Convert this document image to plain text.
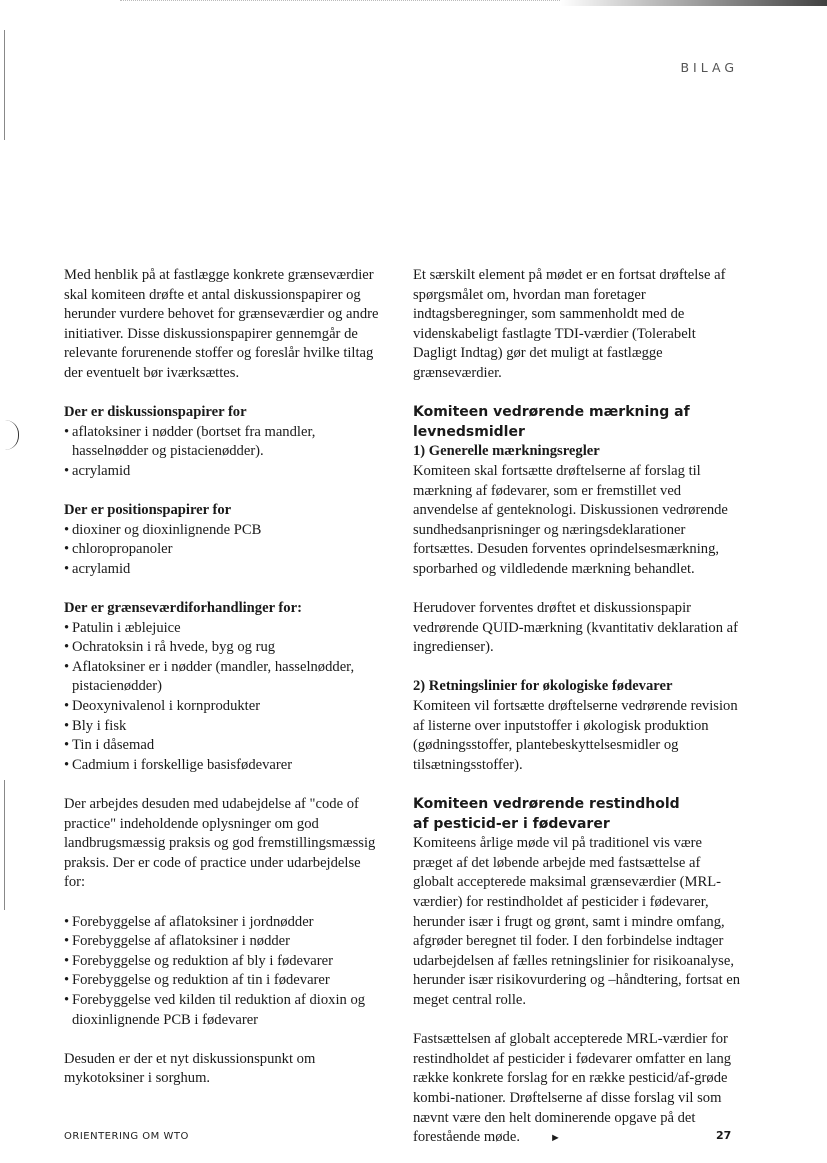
BILAG

Med henblik på at fastlægge konkrete grænseværdier skal komiteen drøfte et antal diskussionspapirer og herunder vurdere behovet for grænseværdier og andre initiativer. Disse diskussionspapirer gennemgår de relevante forurenende stoffer og foreslår hvilke tiltag der eventuelt bør iværksættes.

Der er diskussionspapirer for

• aflatoksiner i nødder (bortset fra mandler, hasselnødder og pistacienødder).
• acrylamid

Der er positionspapirer for

• dioxiner og dioxinlignende PCB
• chloropropanoler
• acrylamid

Der er grænseværdiforhandlinger for:

• Patulin i æblejuice
• Ochratoksin i rå hvede, byg og rug
• Aflatoksiner er i nødder (mandler, hasselnødder, pistacienødder)
• Deoxynivalenol i kornprodukter
• Bly i fisk
• Tin i dåsemad
• Cadmium i forskellige basisfødevarer

Der arbejdes desuden med udabejdelse af "code of practice" indeholdende oplysninger om god landbrugsmæssig praksis og god fremstillingsmæssig praksis. Der er code of practice under udarbejdelse for:

• Forebyggelse af aflatoksiner i jordnødder
• Forebyggelse af aflatoksiner i nødder
• Forebyggelse og reduktion af bly i fødevarer
• Forebyggelse og reduktion af tin i fødevarer
• Forebyggelse ved kilden til reduktion af dioxin og dioxinlignende PCB i fødevarer

Desuden er der et nyt diskussionspunkt om mykotoksiner i sorghum.

Et særskilt element på mødet er en fortsat drøftelse af spørgsmålet om, hvordan man foretager indtagsberegninger, som sammenholdt med de videnskabeligt fastlagte TDI-værdier (Tolerabelt Dagligt Indtag) gør det muligt at fastlægge grænseværdier.

Komiteen vedrørende mærkning af levnedsmidler

1) Generelle mærkningsregler

Komiteen skal fortsætte drøftelserne af forslag til mærkning af fødevarer, som er fremstillet ved anvendelse af genteknologi. Diskussionen vedrørende sundhedsanprisninger og næringsdeklarationer fortsættes. Desuden forventes oprindelsesmærkning, sporbarhed og vildledende mærkning behandlet.

Herudover forventes drøftet et diskussionspapir vedrørende QUID-mærkning (kvantitativ deklaration af ingredienser).

2) Retningslinier for økologiske fødevarer

Komiteen vil fortsætte drøftelserne vedrørende revision af listerne over inputstoffer i økologisk produktion (gødningsstoffer, plantebeskyttelsesmidler og tilsætningsstoffer).

Komiteen vedrørende restindhold

af pesticid-er i fødevarer

Komiteens årlige møde vil på traditionel vis være præget af det løbende arbejde med fastsættelse af globalt accepterede maksimal grænseværdier (MRL-værdier) for restindholdet af pesticider i fødevarer, herunder især i frugt og grønt, samt i mindre omfang, afgrøder beregnet til foder. I den forbindelse indtager udarbejdelsen af fælles retningslinier for risikoanalyse, herunder især risikovurdering og –håndtering, fortsat en meget central rolle.

Fastsættelsen af globalt accepterede MRL-værdier for restindholdet af pesticider i fødevarer omfatter en lang række konkrete forslag for en række pesticid/af-grøde kombi-nationer. Drøftelserne af disse forslag vil som nævnt være den helt dominerende opgave på det forestående møde.	►

ORIENTERING OM WTO	27
